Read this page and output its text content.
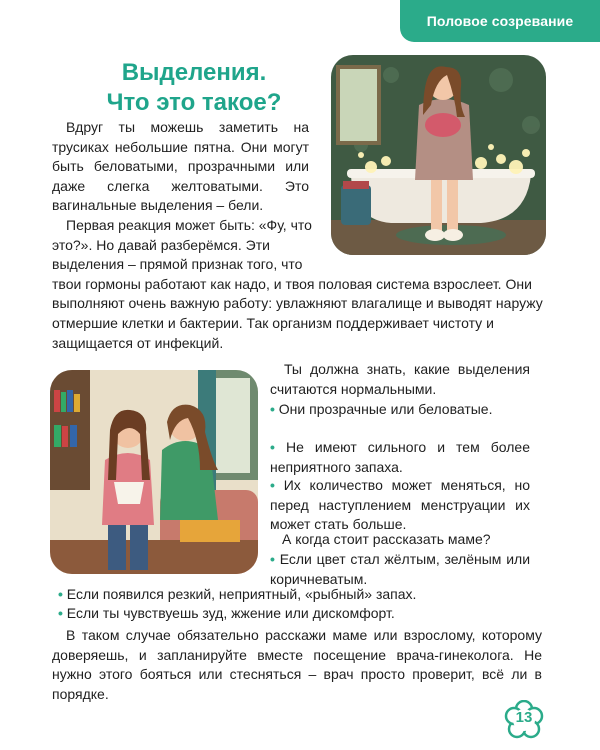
Половое созревание
Выделения.
Что это такое?

Вдруг ты можешь заметить на трусиках небольшие пятна. Они могут быть беловатыми, прозрачными или даже слегка желтоватыми. Это вагинальные выделения – бели.

Первая реакция может быть: «Фу, что это?». Но давай разберёмся. Эти выделения – прямой признак того, что твои гормоны работают как надо, и твоя половая система взрослеет. Они выполняют очень важную работу: увлажняют влагалище и выводят наружу отмершие клетки и бактерии. Так организм поддерживает чистоту и защищается от инфекций.

Ты должна знать, какие выделения считаются нормальными.
• Они прозрачные или беловатые.
• Не имеют сильного и тем более неприятного запаха.
• Их количество может меняться, но перед наступлением менструации их может стать больше.
А когда стоит рассказать маме?
• Если цвет стал жёлтым, зелёным или коричневатым.
• Если появился резкий, неприятный, «рыбный» запах.
• Если ты чувствуешь зуд, жжение или дискомфорт.

В таком случае обязательно расскажи маме или взрослому, которому доверяешь, и запланируйте вместе посещение врача-гинеколога. Не нужно этого бояться или стесняться – врач просто проверит, всё ли в порядке.

13
